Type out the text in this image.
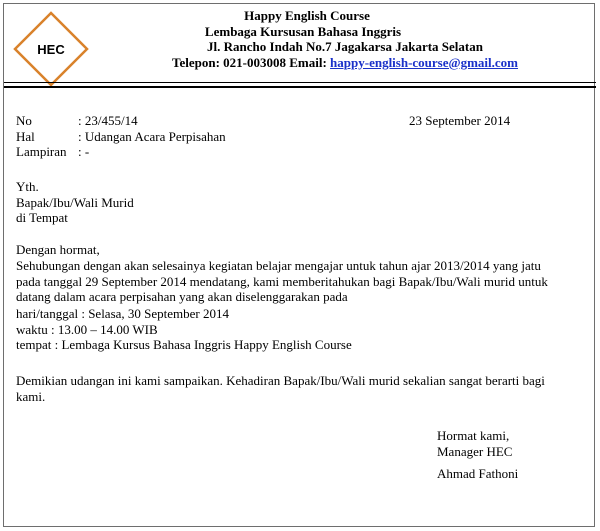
HEC
Happy English Course
Lembaga Kursusan Bahasa Inggris
Jl. Rancho Indah No.7 Jagakarsa Jakarta Selatan
Telepon: 021-003008 Email: happy-english-course@gmail.com
No	: 23/455/14
Hal	: Udangan Acara Perpisahan
Lampiran : -
23 September 2014
Yth.
Bapak/Ibu/Wali Murid
di Tempat
Dengan hormat,
Sehubungan dengan akan selesainya kegiatan belajar mengajar untuk tahun ajar 2013/2014 yang jatu
pada tanggal 29 September 2014 mendatang, kami memberitahukan bagi Bapak/Ibu/Wali murid untuk
datang dalam acara perpisahan yang akan diselenggarakan pada
hari/tanggal : Selasa, 30 September 2014
waktu : 13.00 – 14.00 WIB
tempat : Lembaga Kursus Bahasa Inggris Happy English Course
Demikian udangan ini kami sampaikan. Kehadiran Bapak/Ibu/Wali murid sekalian sangat berarti bagi
kami.
Hormat kami,
Manager HEC
Ahmad Fathoni
